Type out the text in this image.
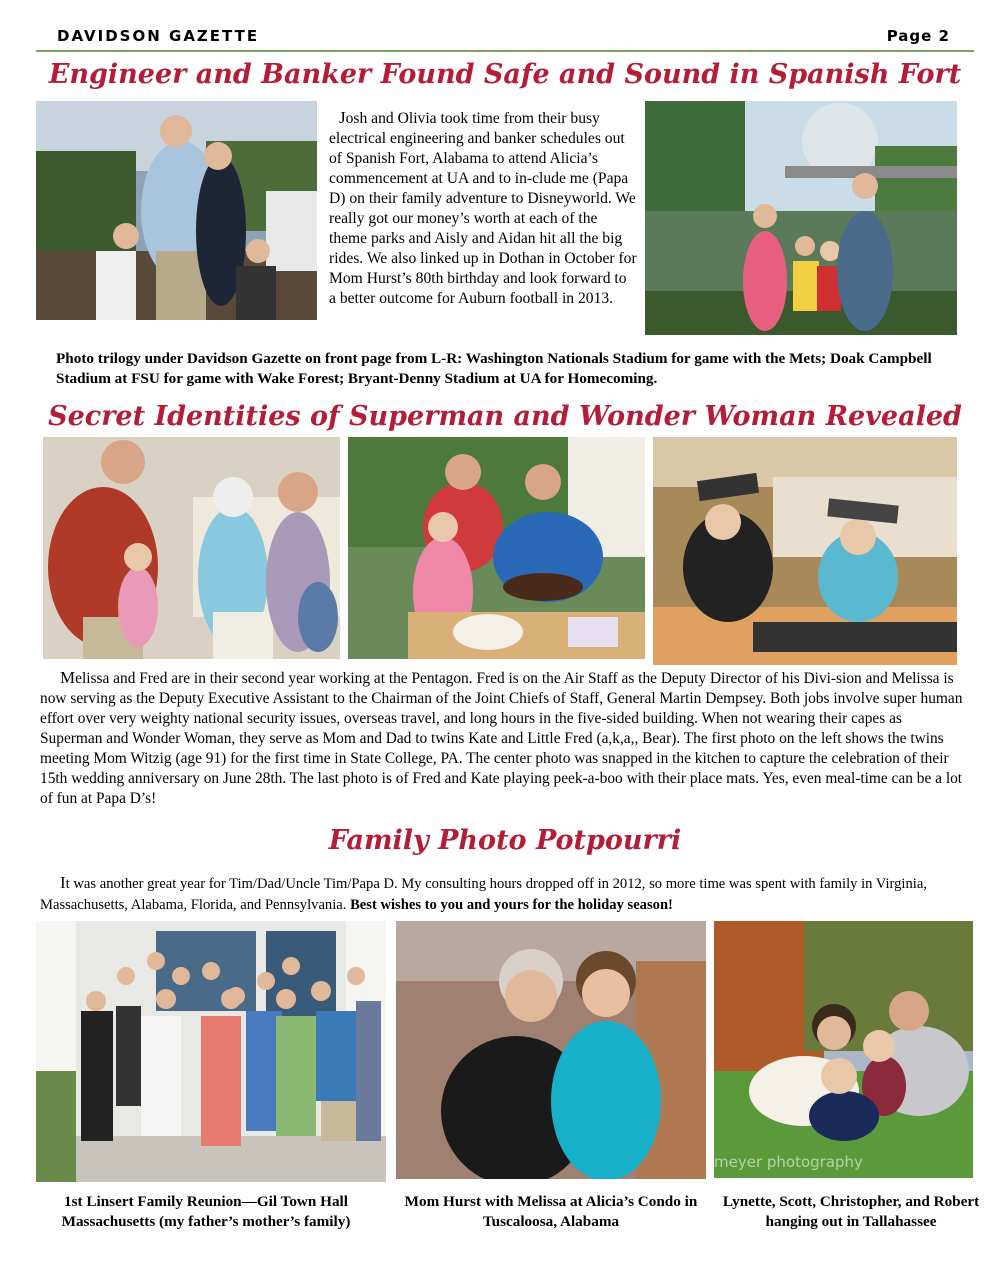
DAVIDSON GAZETTE	Page 2
Engineer and Banker Found Safe and Sound in Spanish Fort
Josh and Olivia took time from their busy electrical engineering and banker schedules out of Spanish Fort, Alabama to attend Alicia’s commencement at UA and to in-clude me (Papa D) on their family adventure to Disneyworld. We really got our money’s worth at each of the theme parks and Aisly and Aidan hit all the big rides. We also linked up in Dothan in October for Mom Hurst’s 80th birthday and look forward to a better outcome for Auburn football in 2013.
Photo trilogy under Davidson Gazette on front page from L-R: Washington Nationals Stadium for game with the Mets; Doak Campbell Stadium at FSU for game with Wake Forest; Bryant-Denny Stadium at UA for Homecoming.
Secret Identities of Superman and Wonder Woman Revealed
Melissa and Fred are in their second year working at the Pentagon. Fred is on the Air Staff as the Deputy Director of his Divi-sion and Melissa is now serving as the Deputy Executive Assistant to the Chairman of the Joint Chiefs of Staff, General Martin Dempsey. Both jobs involve super human effort over very weighty national security issues, overseas travel, and long hours in the five-sided building. When not wearing their capes as Superman and Wonder Woman, they serve as Mom and Dad to twins Kate and Little Fred (a,k,a,, Bear). The first photo on the left shows the twins meeting Mom Witzig (age 91) for the first time in State College, PA. The center photo was snapped in the kitchen to capture the celebration of their 15th wedding anniversary on June 28th. The last photo is of Fred and Kate playing peek-a-boo with their place mats. Yes, even meal-time can be a lot of fun at Papa D’s!
Family Photo Potpourri
It was another great year for Tim/Dad/Uncle Tim/Papa D. My consulting hours dropped off in 2012, so more time was spent with family in Virginia, Massachusetts, Alabama, Florida, and Pennsylvania. Best wishes to you and yours for the holiday season!
meyer photography
1st Linsert Family Reunion—Gil Town Hall Massachusetts (my father’s mother’s family)
Mom Hurst with Melissa at Alicia’s Condo in Tuscaloosa, Alabama
Lynette, Scott, Christopher, and Robert hanging out in Tallahassee
